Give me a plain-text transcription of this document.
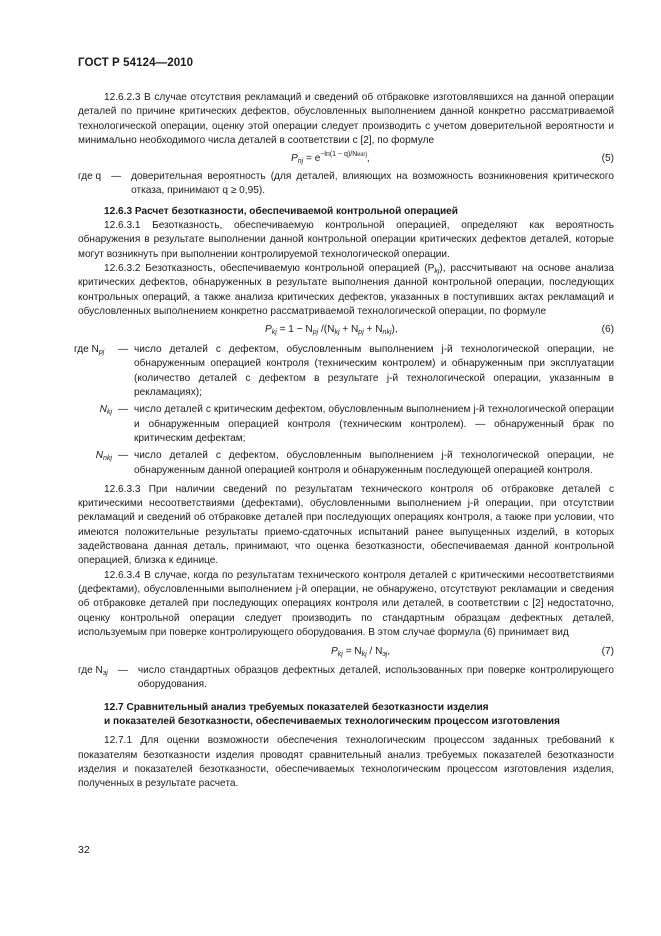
ГОСТ Р 54124—2010

12.6.2.3 В случае отсутствия рекламаций и сведений об отбраковке изготовлявшихся на данной операции деталей по причине критических дефектов, обусловленных выполнением данной конкретно рассматриваемой технологической операции, оценку этой операции следует производить с учетом доверительной вероятности и минимально необходимого числа деталей в соответствии с [2], по формуле

$P_{nj} = e^{-ln(1 - q)/Nизгj}$,	(5)
где q — доверительная вероятность (для деталей, влияющих на возможность возникновения критического отказа, принимают q ≥ 0,95).

12.6.3 Расчет безотказности, обеспечиваемой контрольной операцией

12.6.3.1 Безотказность, обеспечиваемую контрольной операцией, определяют как вероятность обнаружения в результате выполнении данной контрольной операции критических дефектов деталей, которые могут возникнуть при выполнении контролируемой технологической операции.

12.6.3.2 Безотказность, обеспечиваемую контрольной операцией $(P_{kj})$, рассчитывают на основе анализа критических дефектов, обнаруженных в результате выполнения данной контрольной операции, последующих контрольных операций, а также анализа критических дефектов, указанных в поступивших актах рекламаций и обусловленных выполнением конкретно рассматриваемой технологической операции, по формуле

$P_{kj} = 1 - N_{pj}$ $/(N_{kj} + N_{pj} + N_{nkj})$,	(6)
где $N_{pj}$	— число деталей с дефектом, обусловленным выполнением j-й технологической операции, не обнаруженным операцией контроля (техническим контролем) и обнаруженным при эксплуатации (количество деталей с дефектом в результате j-й технологической операции, указанным в рекламациях);
$N_{kj}$ — число деталей с критическим дефектом, обусловленным выполнением j-й технологической операции и обнаруженным операцией контроля (техническим контролем). — обнаруженный брак по критическим дефектам;
$N_{nkj}$ — число деталей с дефектом, обусловленным выполнением j-й технологической операции, не обнаруженным данной операцией контроля и обнаруженным последующей операцией контроля.

12.6.3.3 При наличии сведений по результатам технического контроля об отбраковке деталей с критическими несоответствиями (дефектами), обусловленными выполнением j-й операции, при отсутствии рекламаций и сведений об отбраковке деталей при последующих операциях контроля, а также при условии, что имеются положительные результаты приемо-сдаточных испытаний ранее выпущенных изделий, в которых задействована данная деталь, принимают, что оценка безотказности, обеспечиваемая данной контрольной операцией, близка к единице.

12.6.3.4 В случае, когда по результатам технического контроля деталей с критическими несоответствиями (дефектами), обусловленными выполнением j-й операции, не обнаружено, отсутствуют рекламации и сведения об отбраковке деталей при последующих операциях контроля или деталей, в соответствии с [2] недостаточно, оценку контрольной операции следует производить по стандартным образцам дефектных деталей, используемым при поверке контролирующего оборудования. В этом случае формула (6) принимает вид

$P_{kj} = N_{kj} / N_{эj}$,	(7)
где $N_{эj}$ — число стандартных образцов дефектных деталей, использованных при поверке контролирующего оборудования.
12.7 Сравнительный анализ требуемых показателей безотказности изделия
и показателей безотказности, обеспечиваемых технологическим процессом изготовления

12.7.1 Для оценки возможности обеспечения технологическим процессом заданных требований к показателям безотказности изделия проводят сравнительный анализ требуемых показателей безотказности изделия и показателей безотказности, обеспечиваемых технологическим процессом изготовления изделия, полученных в результате расчета.

32
